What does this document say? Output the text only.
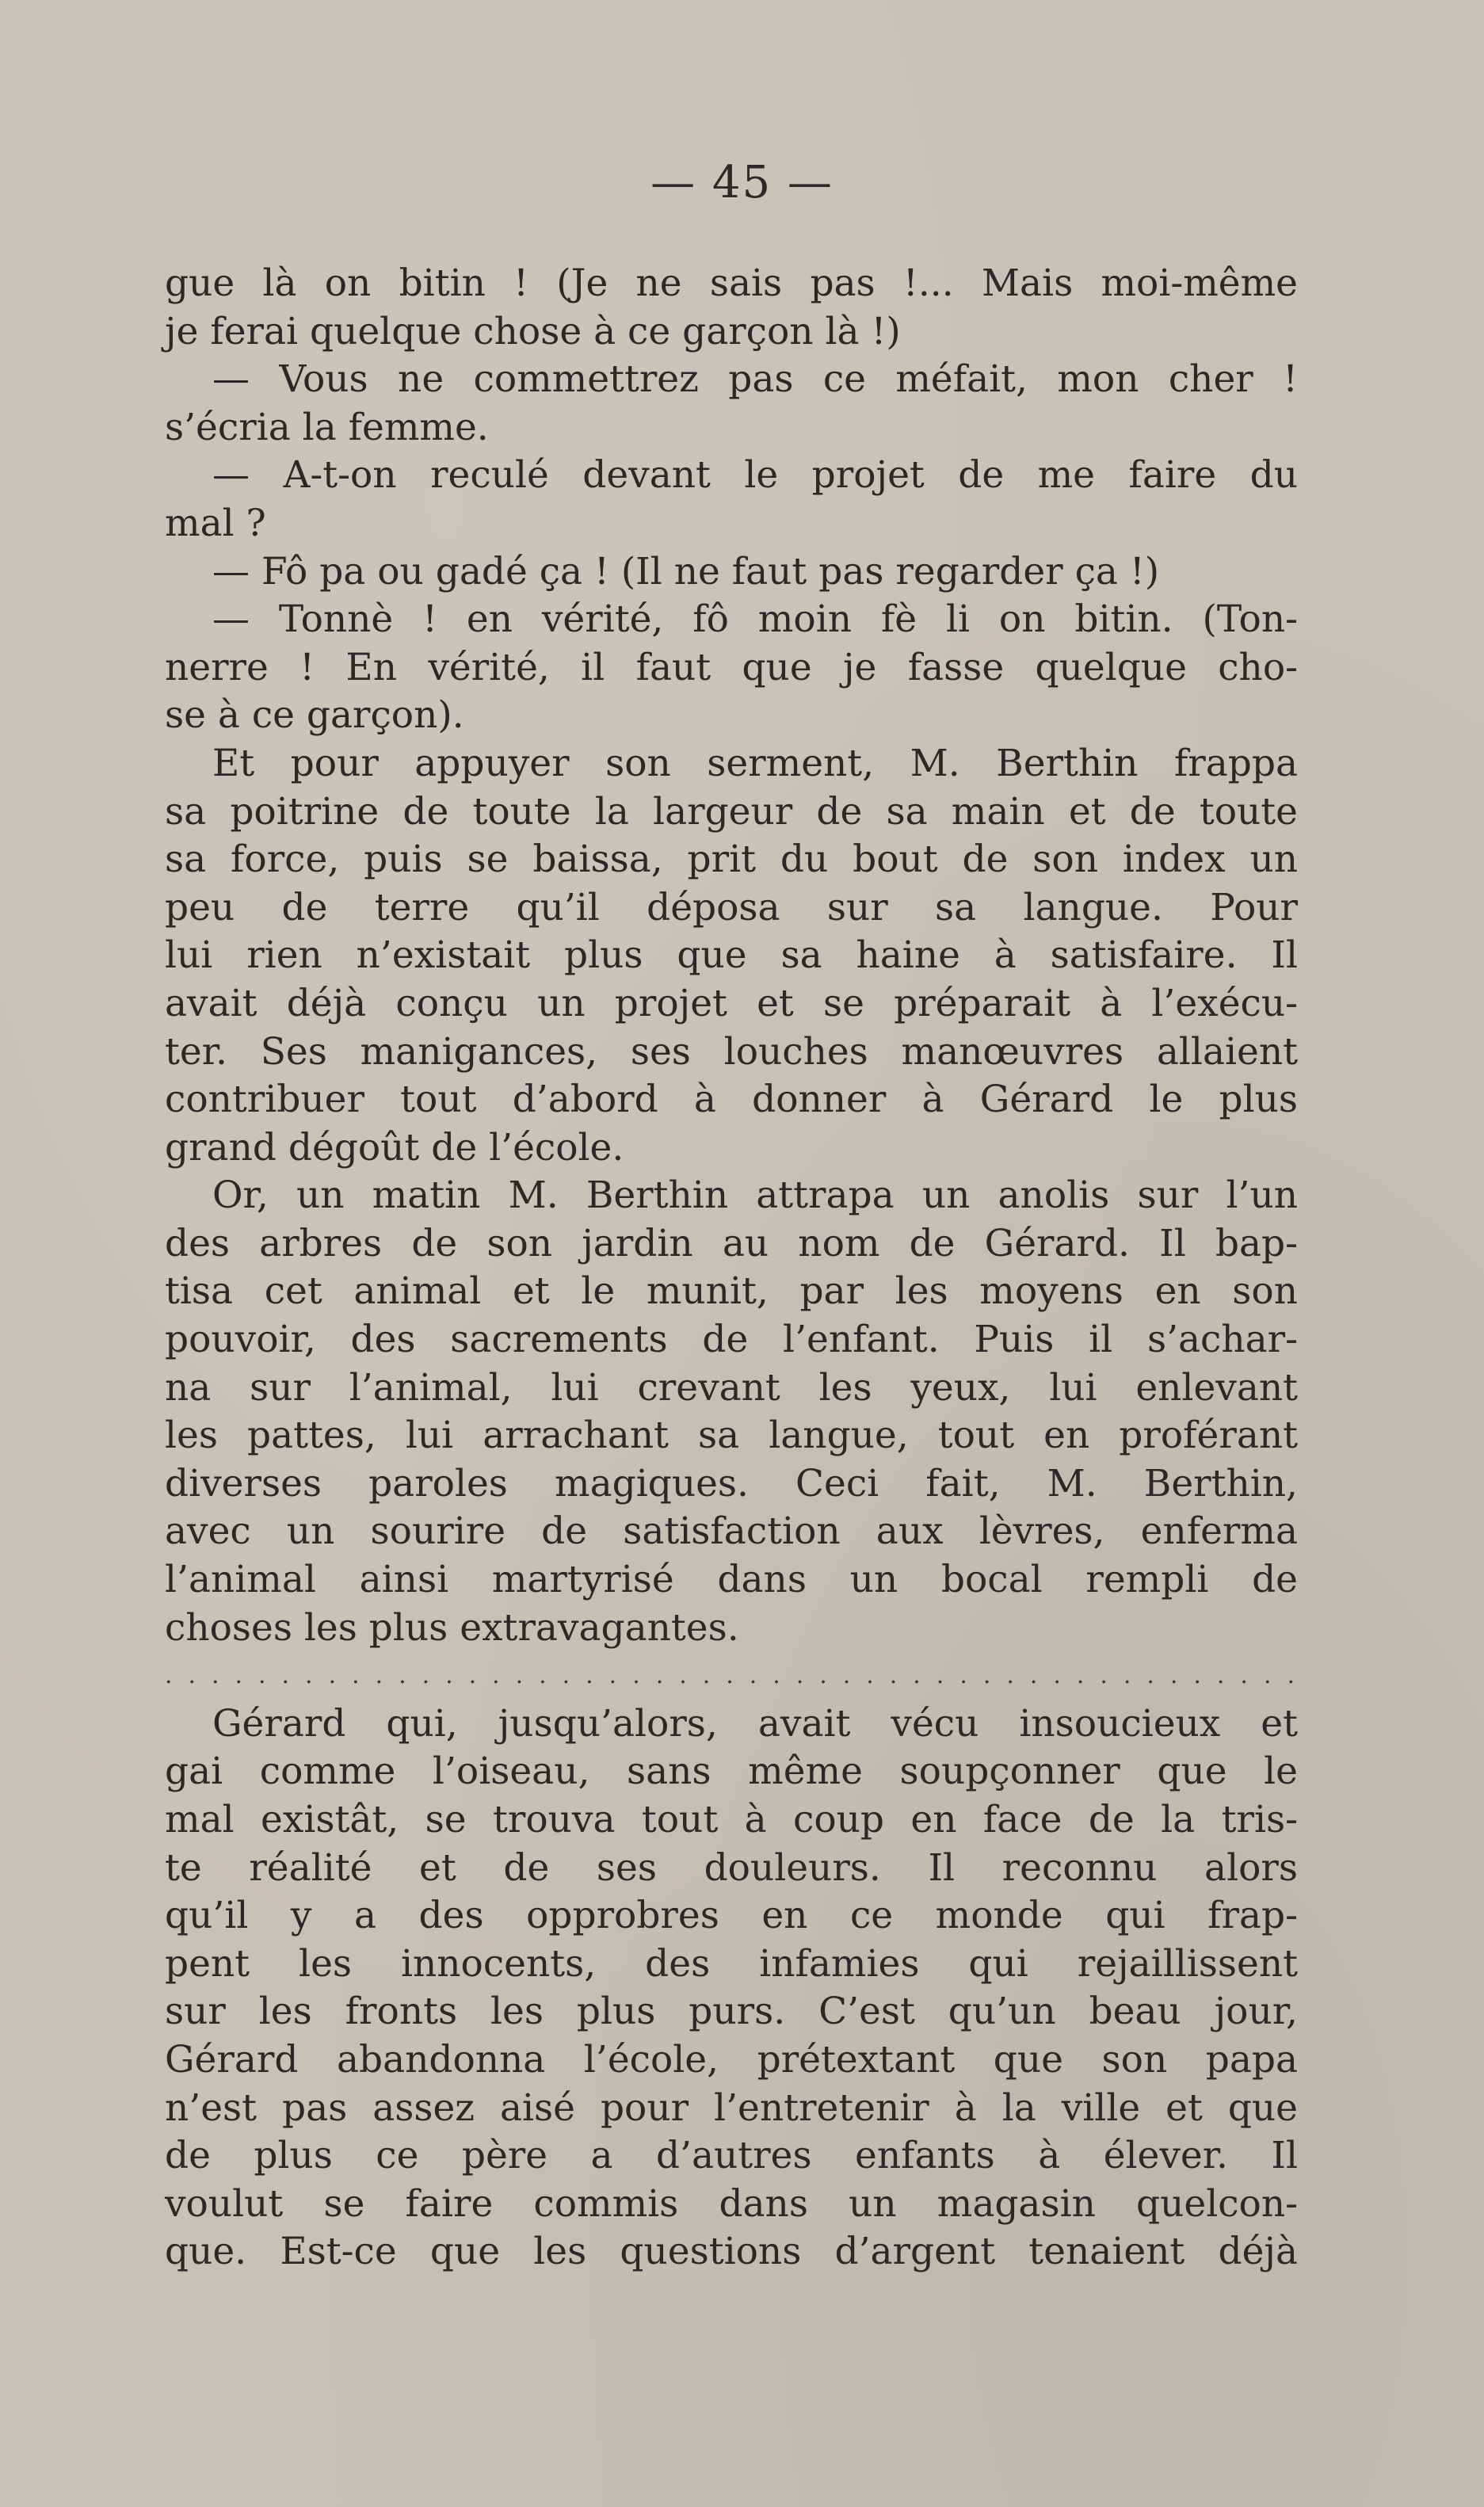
— 45 —
gue là on bitin ! (Je ne sais pas !... Mais moi-même
je ferai quelque chose à ce garçon là !)
— Vous ne commettrez pas ce méfait, mon cher !
s’écria la femme.
— A-t-on reculé devant le projet de me faire du
mal ?
— Fô pa ou gadé ça ! (Il ne faut pas regarder ça !)
— Tonnè ! en vérité, fô moin fè li on bitin. (Ton-
nerre ! En vérité, il faut que je fasse quelque cho-
se à ce garçon).
Et pour appuyer son serment, M. Berthin frappa
sa poitrine de toute la largeur de sa main et de toute
sa force, puis se baissa, prit du bout de son index un
peu de terre qu’il déposa sur sa langue. Pour
lui rien n’existait plus que sa haine à satisfaire. Il
avait déjà conçu un projet et se préparait à l’exécu-
ter. Ses manigances, ses louches manœuvres allaient
contribuer tout d’abord à donner à Gérard le plus
grand dégoût de l’école.
Or, un matin M. Berthin attrapa un anolis sur l’un
des arbres de son jardin au nom de Gérard. Il bap-
tisa cet animal et le munit, par les moyens en son
pouvoir, des sacrements de l’enfant. Puis il s’achar-
na sur l’animal, lui crevant les yeux, lui enlevant
les pattes, lui arrachant sa langue, tout en proférant
diverses paroles magiques. Ceci fait, M. Berthin,
avec un sourire de satisfaction aux lèvres, enferma
l’animal ainsi martyrisé dans un bocal rempli de
choses les plus extravagantes.
. . . . . . . . . . . . . . . . . . . . . . . . . . . . . . . . . . . . . . . . . . . . . . . . .
Gérard qui, jusqu’alors, avait vécu insoucieux et
gai comme l’oiseau, sans même soupçonner que le
mal existât, se trouva tout à coup en face de la tris-
te réalité et de ses douleurs. Il reconnu alors
qu’il y a des opprobres en ce monde qui frap-
pent les innocents, des infamies qui rejaillissent
sur les fronts les plus purs. C’est qu’un beau jour,
Gérard abandonna l’école, prétextant que son papa
n’est pas assez aisé pour l’entretenir à la ville et que
de plus ce père a d’autres enfants à élever. Il
voulut se faire commis dans un magasin quelcon-
que. Est-ce que les questions d’argent tenaient déjà
